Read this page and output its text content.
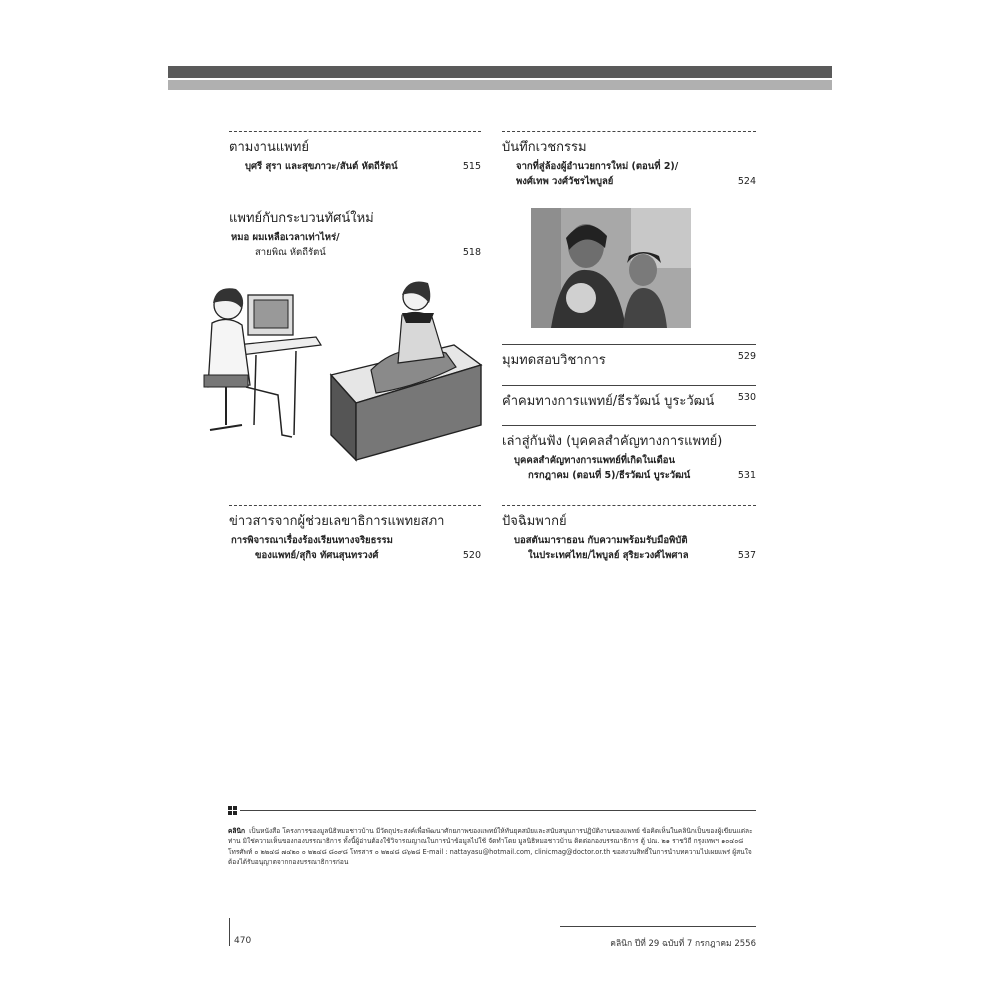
ตามงานแพทย์
บุศรี สุรา และสุขภาวะ/สันต์ หัตถีรัตน์	515
แพทย์กับกระบวนทัศน์ใหม่
หมอ ผมเหลือเวลาเท่าไหร่/
สายพิณ หัตถีรัตน์	518
ข่าวสารจากผู้ช่วยเลขาธิการแพทยสภา
การพิจารณาเรื่องร้องเรียนทางจริยธรรม
ของแพทย์/สุกิจ ทัศนสุนทรวงศ์	520
บันทึกเวชกรรม
จากที่สู่ล้องผู้อำนวยการใหม่ (ตอนที่ 2)/
พงศ์เทพ วงศ์วัชรไพบูลย์	524
มุมทดสอบวิชาการ	529
คำคมทางการแพทย์/ธีรวัฒน์ บูระวัฒน์ 530
เล่าสู่กันฟัง (บุคคลสำคัญทางการแพทย์)
บุคคลสำคัญทางการแพทย์ที่เกิดในเดือน
กรกฎาคม (ตอนที่ 5)/ธีรวัฒน์ บูระวัฒน์	531
ปัจฉิมพากย์
บอสตันมาราธอน กับความพร้อมรับมือพิบัติ
ในประเทศไทย/ไพบูลย์ สุริยะวงศ์ไพศาล	537
คลินิก เป็นหนังสือ โครงการของมูลนิธิหมอชาวบ้าน มีวัตถุประสงค์เพื่อพัฒนาศักยภาพของแพทย์ให้ทันยุคสมัยและสนับสนุนการปฏิบัติงานของแพทย์ ข้อคิดเห็นในคลินิกเป็นของผู้เขียนแต่ละท่าน มิใช่ความเห็นของกองบรรณาธิการ ทั้งนี้ผู้อ่านต้องใช้วิจารณญาณในการนำข้อมูลไปใช้ จัดทำโดย มูลนิธิหมอชาวบ้าน ติดต่อกองบรรณาธิการ ตู้ ปณ. ๒๑ ราชวิถี กรุงเทพฯ ๑๐๔๐๘ โทรศัพท์ ๐ ๒๒๔๘ ๗๔๒๐ ๐ ๒๒๔๘ ๘๐๙๘ โทรสาร ๐ ๒๒๔๘ ๘๖๒๘ E-mail : nattayasu@hotmail.com, clinicmag@doctor.or.th ขอสงวนสิทธิ์ในการนำบทความไปเผยแพร่ ผู้สนใจต้องได้รับอนุญาตจากกองบรรณาธิการก่อน
470	คลินิก ปีที่ 29 ฉบับที่ 7 กรกฎาคม 2556
